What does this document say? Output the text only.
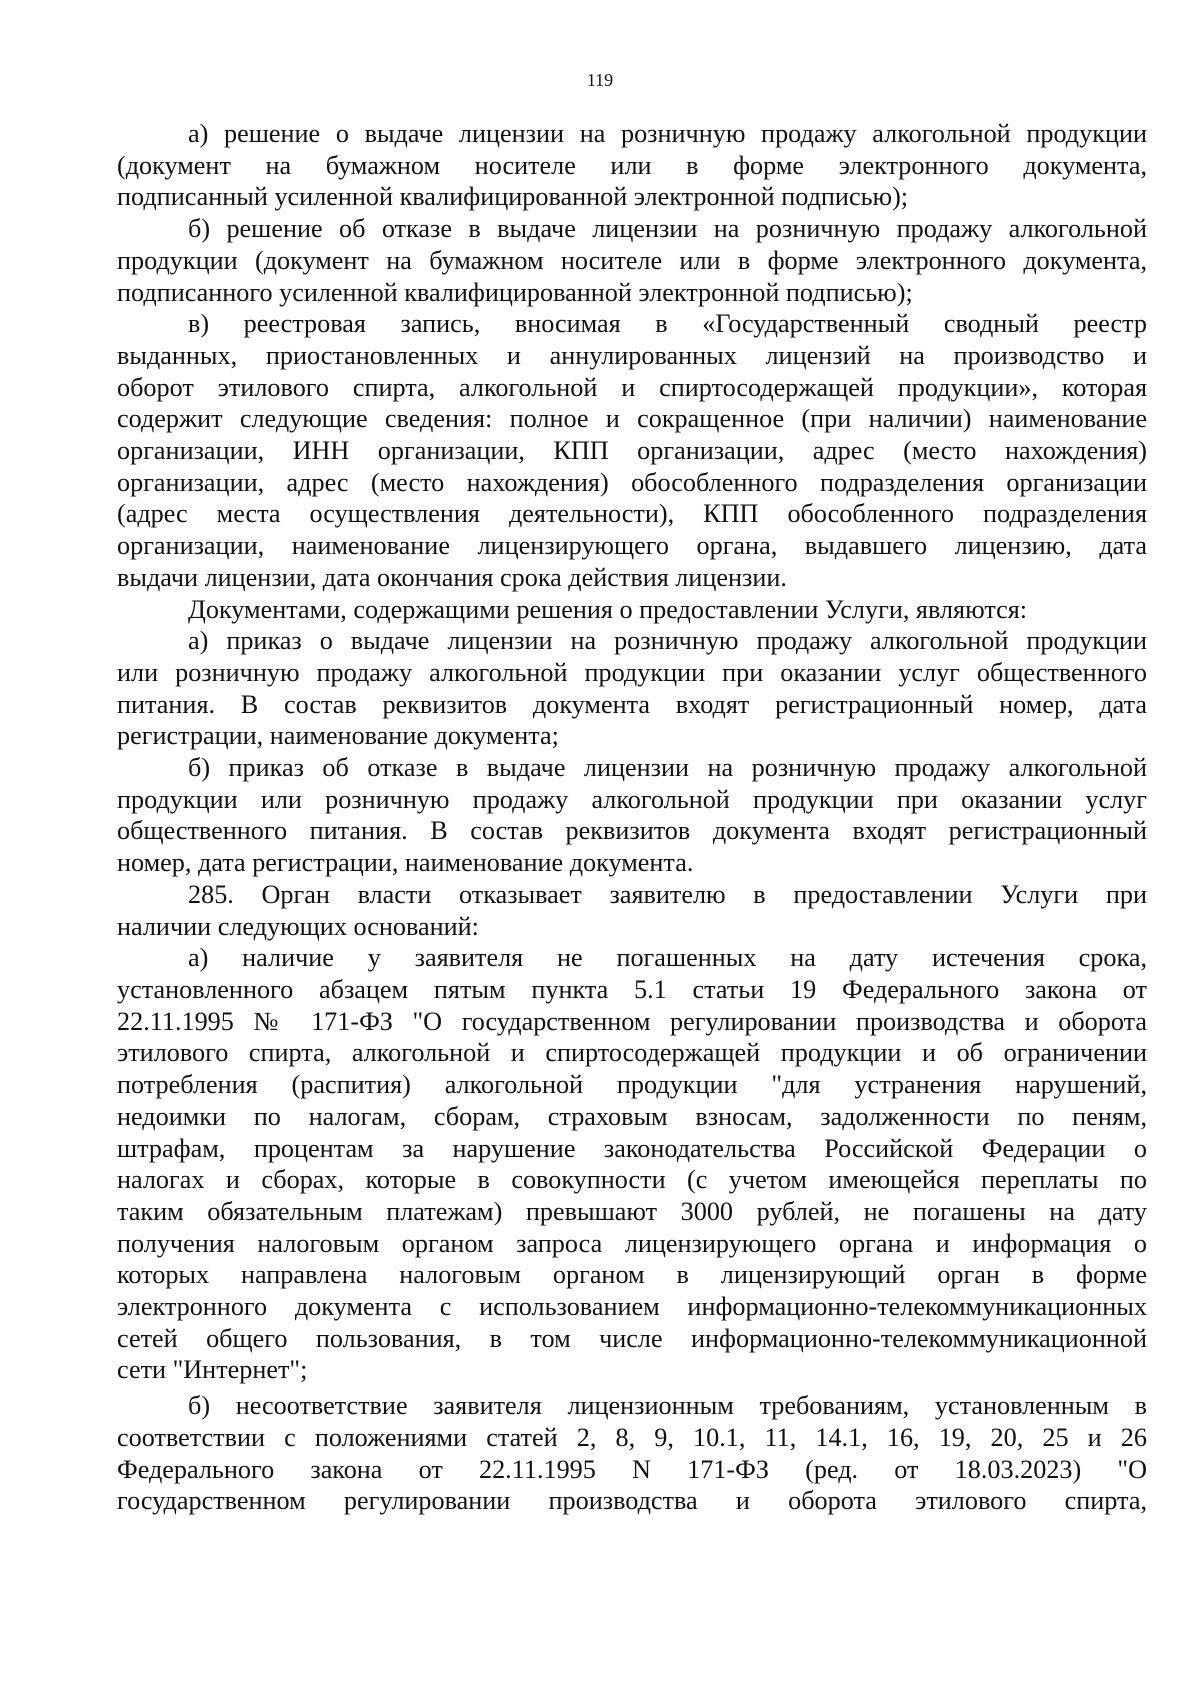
119
а) решение о выдаче лицензии на розничную продажу алкогольной продукции
(документ на бумажном носителе или в форме электронного документа,
подписанный усиленной квалифицированной электронной подписью);
б) решение об отказе в выдаче лицензии на розничную продажу алкогольной
продукции (документ на бумажном носителе или в форме электронного документа,
подписанного усиленной квалифицированной электронной подписью);
в) реестровая запись, вносимая в «Государственный сводный реестр
выданных, приостановленных и аннулированных лицензий на производство и
оборот этилового спирта, алкогольной и спиртосодержащей продукции», которая
содержит следующие сведения: полное и сокращенное (при наличии) наименование
организации, ИНН организации, КПП организации, адрес (место нахождения)
организации, адрес (место нахождения) обособленного подразделения организации
(адрес места осуществления деятельности), КПП обособленного подразделения
организации, наименование лицензирующего органа, выдавшего лицензию, дата
выдачи лицензии, дата окончания срока действия лицензии.
Документами, содержащими решения о предоставлении Услуги, являются:
а) приказ о выдаче лицензии на розничную продажу алкогольной продукции
или розничную продажу алкогольной продукции при оказании услуг общественного
питания. В состав реквизитов документа входят регистрационный номер, дата
регистрации, наименование документа;
б) приказ об отказе в выдаче лицензии на розничную продажу алкогольной
продукции или розничную продажу алкогольной продукции при оказании услуг
общественного питания. В состав реквизитов документа входят регистрационный
номер, дата регистрации, наименование документа.
285. Орган власти отказывает заявителю в предоставлении Услуги при
наличии следующих оснований:
а) наличие у заявителя не погашенных на дату истечения срока,
установленного абзацем пятым пункта 5.1 статьи 19 Федерального закона от
22.11.1995 № 171-ФЗ "О государственном регулировании производства и оборота
этилового спирта, алкогольной и спиртосодержащей продукции и об ограничении
потребления (распития) алкогольной продукции "для устранения нарушений,
недоимки по налогам, сборам, страховым взносам, задолженности по пеням,
штрафам, процентам за нарушение законодательства Российской Федерации о
налогах и сборах, которые в совокупности (с учетом имеющейся переплаты по
таким обязательным платежам) превышают 3000 рублей, не погашены на дату
получения налоговым органом запроса лицензирующего органа и информация о
которых направлена налоговым органом в лицензирующий орган в форме
электронного документа с использованием информационно-телекоммуникационных
сетей общего пользования, в том числе информационно-телекоммуникационной
сети "Интернет";
б) несоответствие заявителя лицензионным требованиям, установленным в
соответствии с положениями статей 2, 8, 9, 10.1, 11, 14.1, 16, 19, 20, 25 и 26
Федерального закона от 22.11.1995 N 171-ФЗ (ред. от 18.03.2023) "О
государственном регулировании производства и оборота этилового спирта,
